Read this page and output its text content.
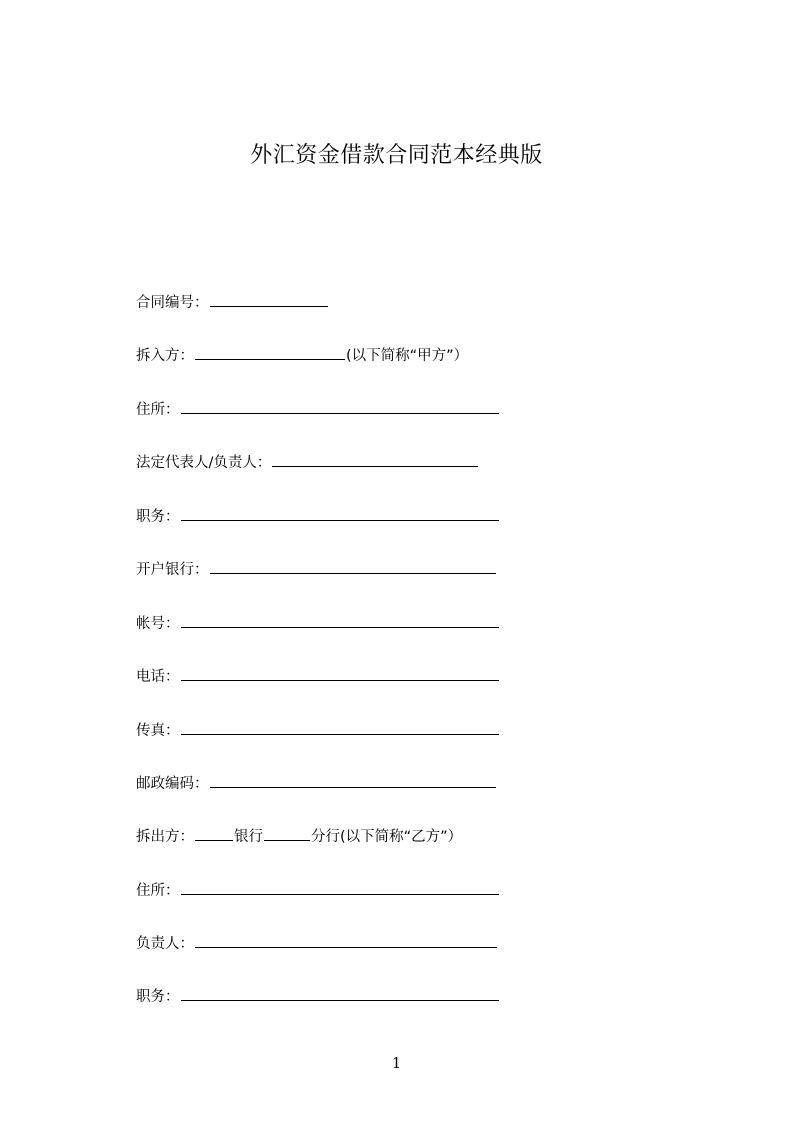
外汇资金借款合同范本经典版
合同编号：
拆入方：	(以下简称“甲方”）
住所：
法定代表人/负责人：
职务：
开户银行：
帐号：
电话：
传真：
邮政编码：
拆出方：	银行	分行(以下简称“乙方”）
住所：
负责人：
职务：
1
